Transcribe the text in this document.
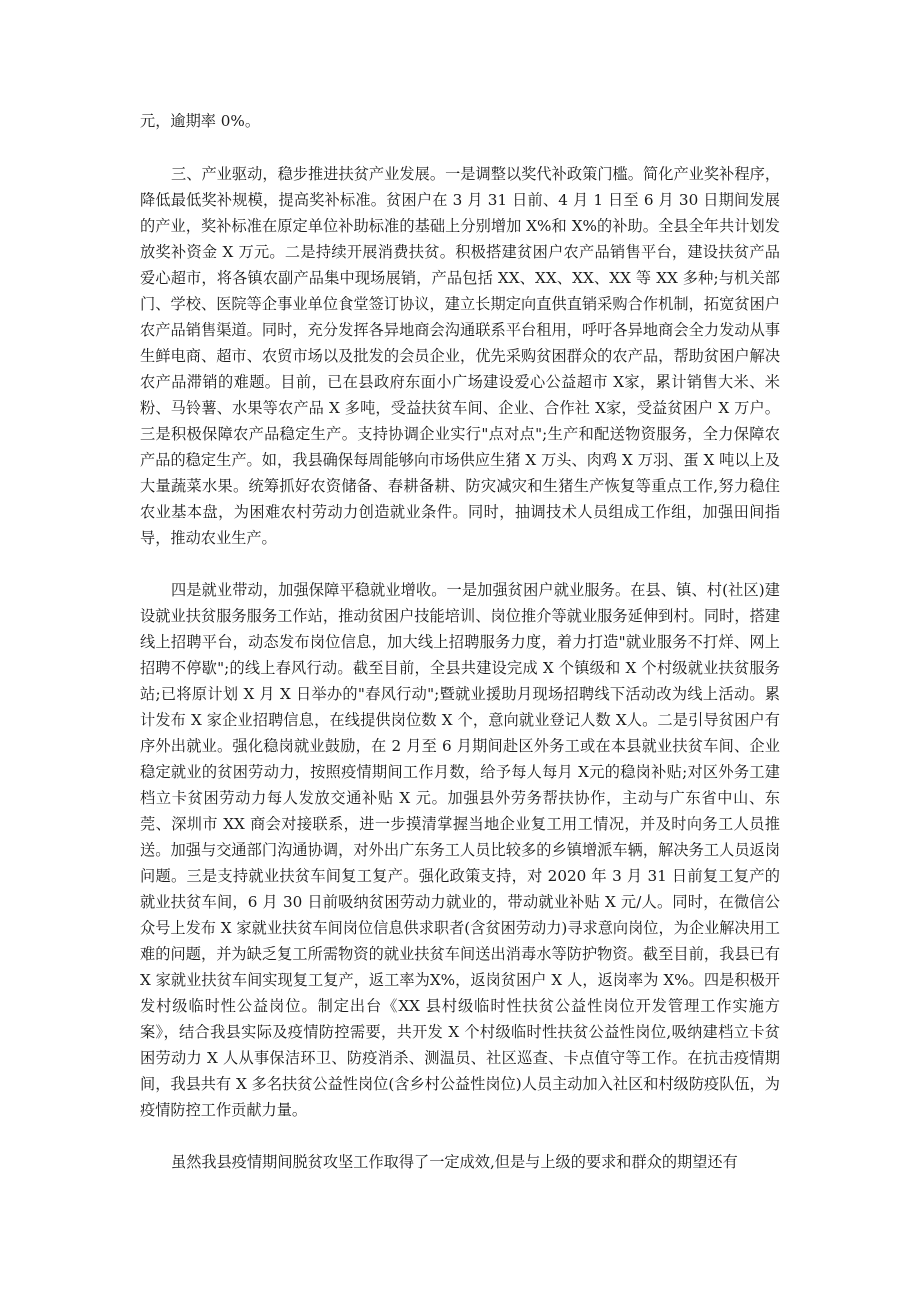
元，逾期率 0%。

三、产业驱动，稳步推进扶贫产业发展。一是调整以奖代补政策门槛。简化产业奖补程序，降低最低奖补规模，提高奖补标准。贫困户在 3 月 31 日前、4 月 1 日至 6 月 30 日期间发展的产业，奖补标准在原定单位补助标准的基础上分别增加 X%和 X%的补助。全县全年共计划发放奖补资金 X 万元。二是持续开展消费扶贫。积极搭建贫困户农产品销售平台，建设扶贫产品爱心超市，将各镇农副产品集中现场展销，产品包括 XX、XX、XX、XX 等 XX 多种;与机关部门、学校、医院等企事业单位食堂签订协议，建立长期定向直供直销采购合作机制，拓宽贫困户农产品销售渠道。同时，充分发挥各异地商会沟通联系平台租用，呼吁各异地商会全力发动从事生鲜电商、超市、农贸市场以及批发的会员企业，优先采购贫困群众的农产品，帮助贫困户解决农产品滞销的难题。目前，已在县政府东面小广场建设爱心公益超市 X家，累计销售大米、米粉、马铃薯、水果等农产品 X 多吨，受益扶贫车间、企业、合作社 X家，受益贫困户 X 万户。三是积极保障农产品稳定生产。支持协调企业实行"点对点";生产和配送物资服务，全力保障农产品的稳定生产。如，我县确保每周能够向市场供应生猪 X 万头、肉鸡 X 万羽、蛋 X 吨以上及大量蔬菜水果。统筹抓好农资储备、春耕备耕、防灾减灾和生猪生产恢复等重点工作,努力稳住农业基本盘，为困难农村劳动力创造就业条件。同时，抽调技术人员组成工作组，加强田间指导，推动农业生产。

四是就业带动，加强保障平稳就业增收。一是加强贫困户就业服务。在县、镇、村(社区)建设就业扶贫服务服务工作站，推动贫困户技能培训、岗位推介等就业服务延伸到村。同时，搭建线上招聘平台，动态发布岗位信息，加大线上招聘服务力度，着力打造"就业服务不打烊、网上招聘不停歇";的线上春风行动。截至目前，全县共建设完成 X 个镇级和 X 个村级就业扶贫服务站;已将原计划 X 月 X 日举办的"春风行动";暨就业援助月现场招聘线下活动改为线上活动。累计发布 X 家企业招聘信息，在线提供岗位数 X 个，意向就业登记人数 X人。二是引导贫困户有序外出就业。强化稳岗就业鼓励，在 2 月至 6 月期间赴区外务工或在本县就业扶贫车间、企业稳定就业的贫困劳动力，按照疫情期间工作月数，给予每人每月 X元的稳岗补贴;对区外务工建档立卡贫困劳动力每人发放交通补贴 X 元。加强县外劳务帮扶协作，主动与广东省中山、东莞、深圳市 XX 商会对接联系，进一步摸清掌握当地企业复工用工情况，并及时向务工人员推送。加强与交通部门沟通协调，对外出广东务工人员比较多的乡镇增派车辆，解决务工人员返岗问题。三是支持就业扶贫车间复工复产。强化政策支持，对 2020 年 3 月 31 日前复工复产的就业扶贫车间，6 月 30 日前吸纳贫困劳动力就业的，带动就业补贴 X 元/人。同时，在微信公众号上发布 X 家就业扶贫车间岗位信息供求职者(含贫困劳动力)寻求意向岗位，为企业解决用工难的问题，并为缺乏复工所需物资的就业扶贫车间送出消毒水等防护物资。截至目前，我县已有 X 家就业扶贫车间实现复工复产，返工率为X%，返岗贫困户 X 人，返岗率为 X%。四是积极开发村级临时性公益岗位。制定出台《XX 县村级临时性扶贫公益性岗位开发管理工作实施方案》，结合我县实际及疫情防控需要，共开发 X 个村级临时性扶贫公益性岗位,吸纳建档立卡贫困劳动力 X 人从事保洁环卫、防疫消杀、测温员、社区巡查、卡点值守等工作。在抗击疫情期间，我县共有 X 多名扶贫公益性岗位(含乡村公益性岗位)人员主动加入社区和村级防疫队伍，为疫情防控工作贡献力量。

虽然我县疫情期间脱贫攻坚工作取得了一定成效,但是与上级的要求和群众的期望还有
